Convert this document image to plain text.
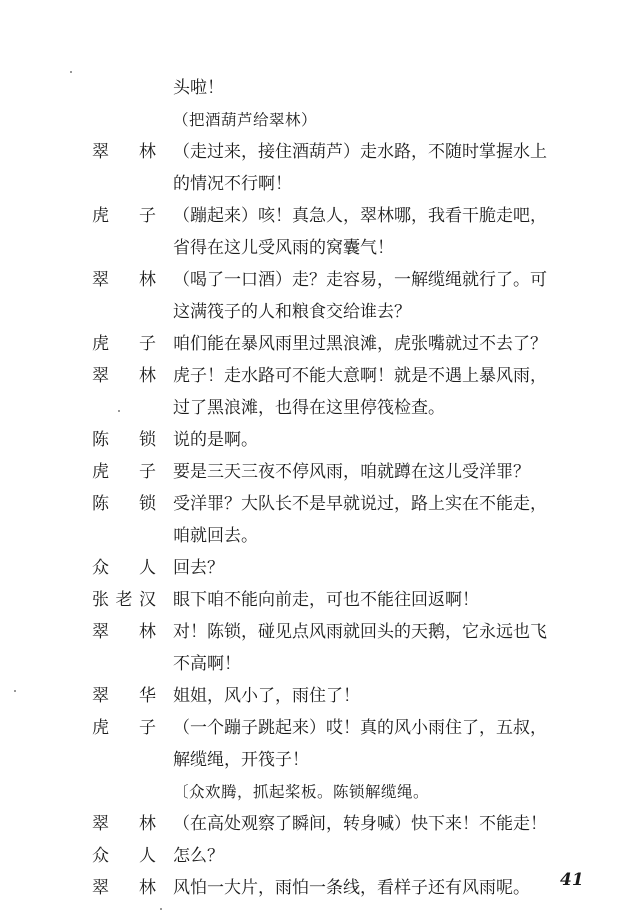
头啦！
（把酒葫芦给翠林）
翠　林 （走过来，接住酒葫芦）走水路，不随时掌握水上
的情况不行啊！
虎　子 （蹦起来）咳！真急人，翠林哪，我看干脆走吧，
省得在这儿受风雨的窝囊气！
翠　林 （喝了一口酒）走？走容易，一解缆绳就行了。可
这满筏子的人和粮食交给谁去？
虎　子 咱们能在暴风雨里过黑浪滩，虎张嘴就过不去了？
翠　林 虎子！走水路可不能大意啊！就是不遇上暴风雨，
过了黑浪滩，也得在这里停筏检查。
陈　锁 说的是啊。
虎　子 要是三天三夜不停风雨，咱就蹲在这儿受洋罪？
陈　锁 受洋罪？大队长不是早就说过，路上实在不能走，
咱就回去。
众　人 回去？
张老汉 眼下咱不能向前走，可也不能往回返啊！
翠　林 对！陈锁，碰见点风雨就回头的天鹅，它永远也飞
不高啊！
翠　华 姐姐，风小了，雨住了！
虎　子 （一个蹦子跳起来）哎！真的风小雨住了，五叔，
解缆绳，开筏子！
〔众欢腾，抓起桨板。陈锁解缆绳。
翠　林 （在高处观察了瞬间，转身喊）快下来！不能走！
众　人 怎么？
翠　林 风怕一大片，雨怕一条线，看样子还有风雨呢。	41
